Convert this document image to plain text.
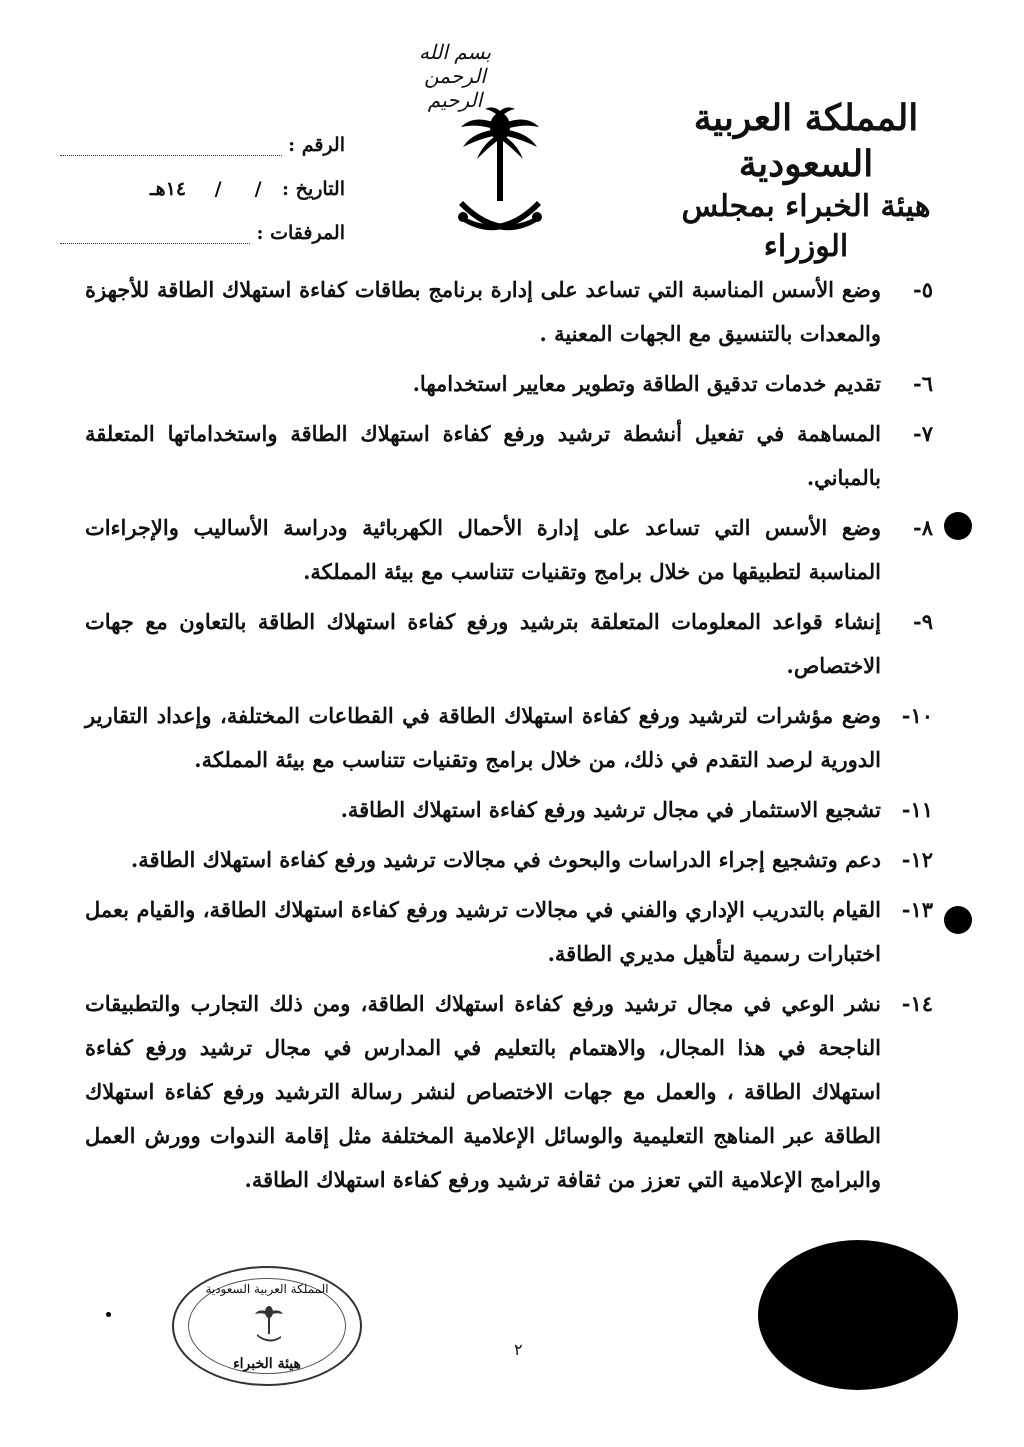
بسم الله الرحمن الرحيم	المملكة العربية السعودية
هيئة الخبراء بمجلس الوزراء
الرقم :
التاريخ :
/
/
١٤هـ
المرفقات :
٥-
وضع الأسس المناسبة التي تساعد على إدارة برنامج بطاقات كفاءة استهلاك الطاقة للأجهزة والمعدات بالتنسيق مع الجهات المعنية .
٦-
تقديم خدمات تدقيق الطاقة وتطوير معايير استخدامها.
٧-
المساهمة في تفعيل أنشطة ترشيد ورفع كفاءة استهلاك الطاقة واستخداماتها المتعلقة بالمباني.
٨-
وضع الأسس التي تساعد على إدارة الأحمال الكهربائية ودراسة الأساليب والإجراءات المناسبة لتطبيقها من خلال برامج وتقنيات تتناسب مع بيئة المملكة.
٩-
إنشاء قواعد المعلومات المتعلقة بترشيد ورفع كفاءة استهلاك الطاقة بالتعاون مع جهات الاختصاص.
١٠-
وضع مؤشرات لترشيد ورفع كفاءة استهلاك الطاقة في القطاعات المختلفة، وإعداد التقارير الدورية لرصد التقدم في ذلك، من خلال برامج وتقنيات تتناسب مع بيئة المملكة.
١١-
تشجيع الاستثمار في مجال ترشيد ورفع كفاءة استهلاك الطاقة.
١٢-
دعم وتشجيع إجراء الدراسات والبحوث في مجالات ترشيد ورفع كفاءة استهلاك الطاقة.
١٣-
القيام بالتدريب الإداري والفني في مجالات ترشيد ورفع كفاءة استهلاك الطاقة، والقيام بعمل اختبارات رسمية لتأهيل مديري الطاقة.
١٤-
نشر الوعي في مجال ترشيد ورفع كفاءة استهلاك الطاقة، ومن ذلك التجارب والتطبيقات الناجحة في هذا المجال، والاهتمام بالتعليم في المدارس في مجال ترشيد ورفع كفاءة استهلاك الطاقة ، والعمل مع جهات الاختصاص لنشر رسالة الترشيد ورفع كفاءة استهلاك الطاقة عبر المناهج التعليمية والوسائل الإعلامية المختلفة مثل إقامة الندوات وورش العمل والبرامج الإعلامية التي تعزز من ثقافة ترشيد ورفع كفاءة استهلاك الطاقة.
المملكة العربية السعودية
هيئة الخبراء
٢
